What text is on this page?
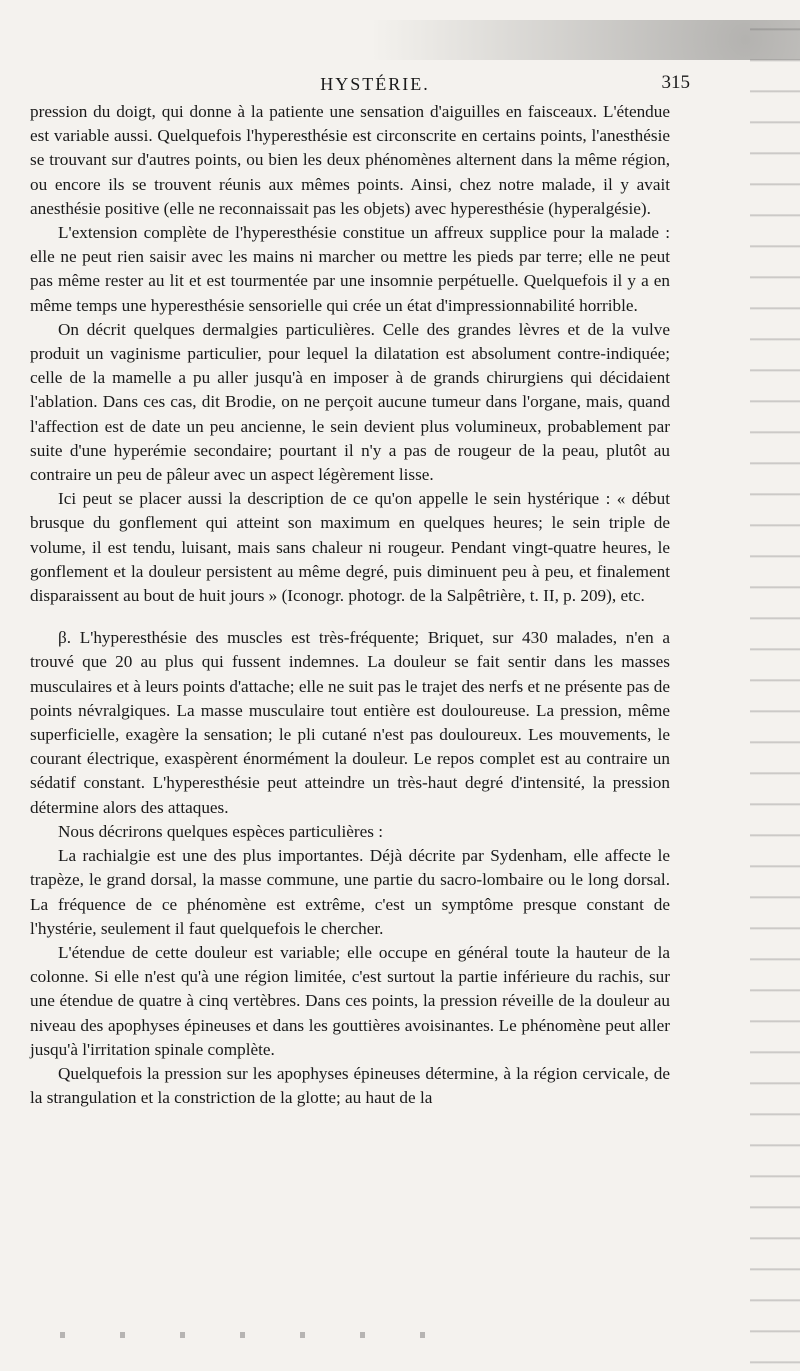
HYSTÉRIE.	315

pression du doigt, qui donne à la patiente une sensation d'aiguilles en faisceaux. L'étendue est variable aussi. Quelquefois l'hyperesthésie est circonscrite en certains points, l'anesthésie se trouvant sur d'autres points, ou bien les deux phénomènes alternent dans la même région, ou encore ils se trouvent réunis aux mêmes points. Ainsi, chez notre malade, il y avait anesthésie positive (elle ne reconnaissait pas les objets) avec hyperesthésie (hyperalgésie).

L'extension complète de l'hyperesthésie constitue un affreux supplice pour la malade : elle ne peut rien saisir avec les mains ni marcher ou mettre les pieds par terre; elle ne peut pas même rester au lit et est tourmentée par une insomnie perpétuelle. Quelquefois il y a en même temps une hyperesthésie sensorielle qui crée un état d'impressionnabilité horrible.

On décrit quelques dermalgies particulières. Celle des grandes lèvres et de la vulve produit un vaginisme particulier, pour lequel la dilatation est absolument contre-indiquée; celle de la mamelle a pu aller jusqu'à en imposer à de grands chirurgiens qui décidaient l'ablation. Dans ces cas, dit Brodie, on ne perçoit aucune tumeur dans l'organe, mais, quand l'affection est de date un peu ancienne, le sein devient plus volumineux, probablement par suite d'une hyperémie secondaire; pourtant il n'y a pas de rougeur de la peau, plutôt au contraire un peu de pâleur avec un aspect légèrement lisse.

Ici peut se placer aussi la description de ce qu'on appelle le sein hystérique : « début brusque du gonflement qui atteint son maximum en quelques heures; le sein triple de volume, il est tendu, luisant, mais sans chaleur ni rougeur. Pendant vingt-quatre heures, le gonflement et la douleur persistent au même degré, puis diminuent peu à peu, et finalement disparaissent au bout de huit jours » (Iconogr. photogr. de la Salpêtrière, t. II, p. 209), etc.

β. L'hyperesthésie des muscles est très-fréquente; Briquet, sur 430 malades, n'en a trouvé que 20 au plus qui fussent indemnes. La douleur se fait sentir dans les masses musculaires et à leurs points d'attache; elle ne suit pas le trajet des nerfs et ne présente pas de points névralgiques. La masse musculaire tout entière est douloureuse. La pression, même superficielle, exagère la sensation; le pli cutané n'est pas douloureux. Les mouvements, le courant électrique, exaspèrent énormément la douleur. Le repos complet est au contraire un sédatif constant. L'hyperesthésie peut atteindre un très-haut degré d'intensité, la pression détermine alors des attaques.

Nous décrirons quelques espèces particulières :

La rachialgie est une des plus importantes. Déjà décrite par Sydenham, elle affecte le trapèze, le grand dorsal, la masse commune, une partie du sacro-lombaire ou le long dorsal. La fréquence de ce phénomène est extrême, c'est un symptôme presque constant de l'hystérie, seulement il faut quelquefois le chercher.

L'étendue de cette douleur est variable; elle occupe en général toute la hauteur de la colonne. Si elle n'est qu'à une région limitée, c'est surtout la partie inférieure du rachis, sur une étendue de quatre à cinq vertèbres. Dans ces points, la pression réveille de la douleur au niveau des apophyses épineuses et dans les gouttières avoisinantes. Le phénomène peut aller jusqu'à l'irritation spinale complète.

Quelquefois la pression sur les apophyses épineuses détermine, à la région cervicale, de la strangulation et la constriction de la glotte; au haut de la
